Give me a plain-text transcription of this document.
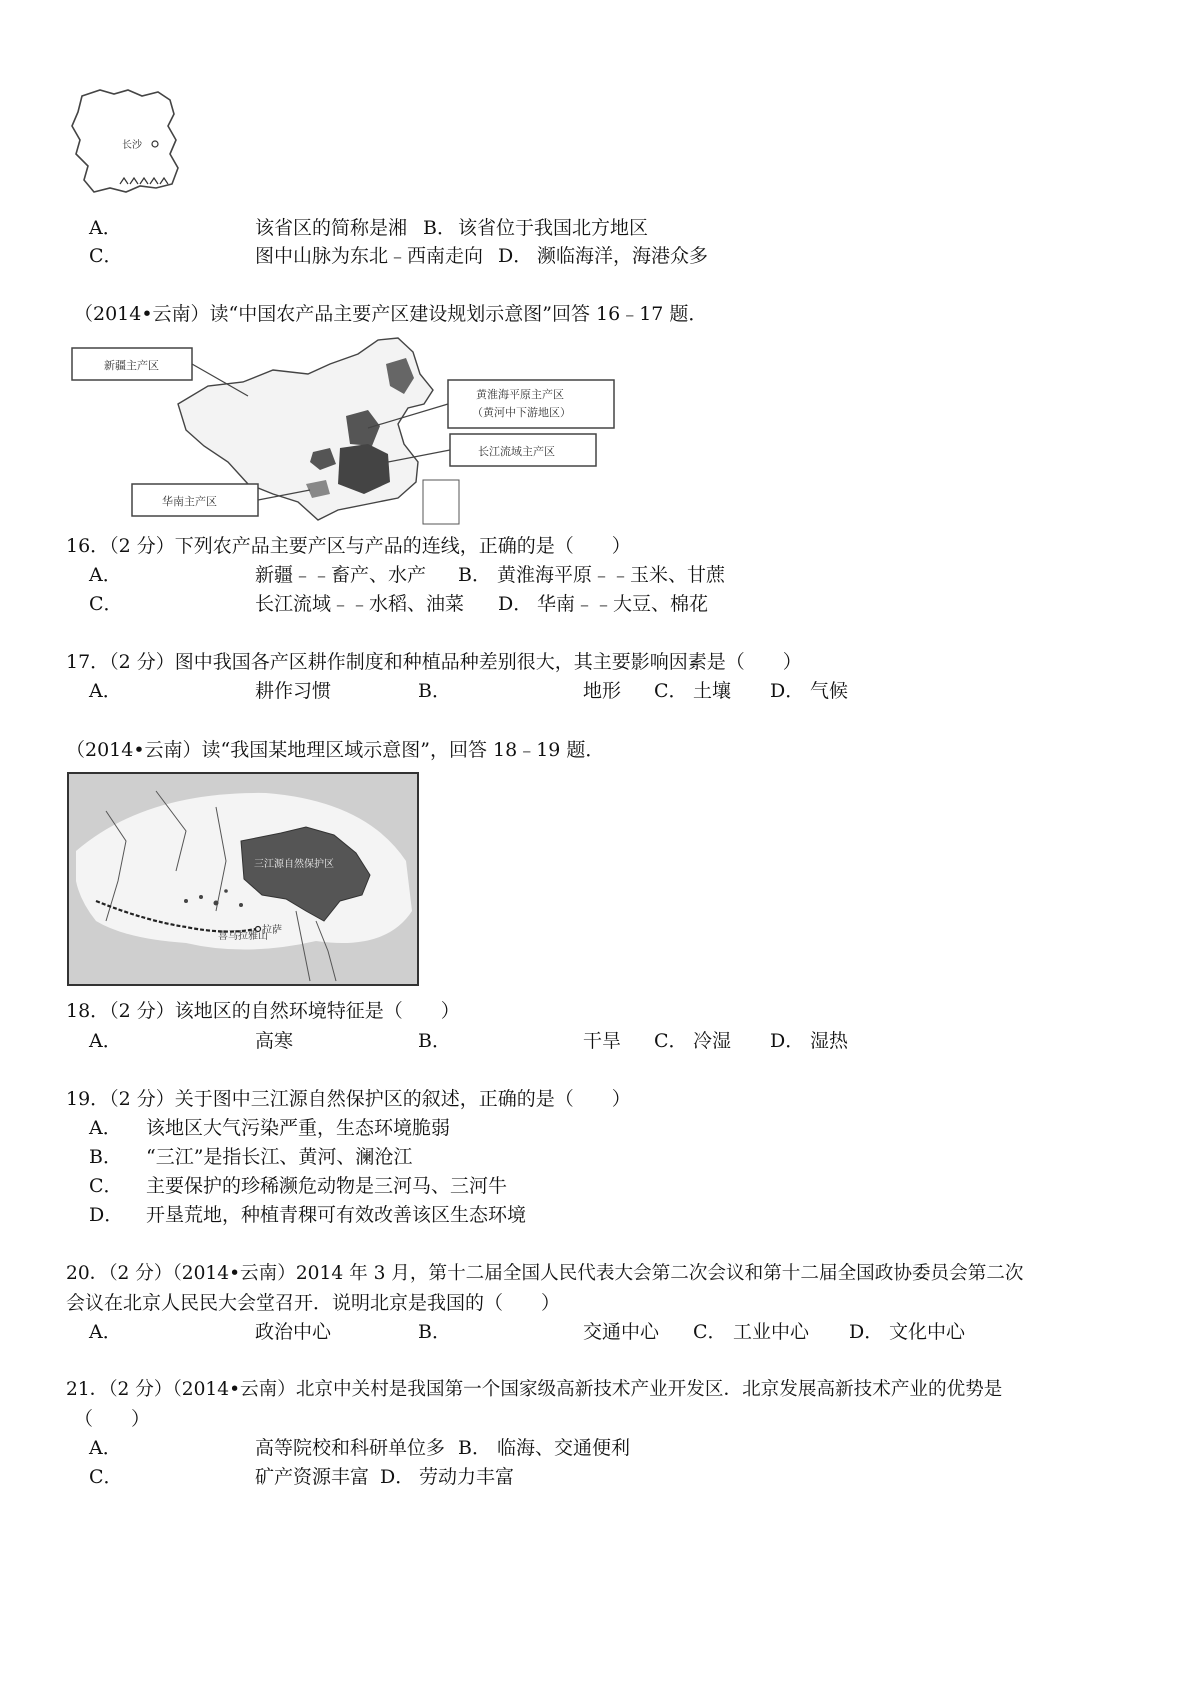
长沙
A．	该省区的简称是湘 B． 该省位于我国北方地区
C．	图中山脉为东北﹣西南走向 D． 濒临海洋，海港众多
（2014•云南）读“中国农产品主要产区建设规划示意图”回答 16﹣17 题．
新疆主产区
黄淮海平原主产区
（黄河中下游地区）
长江流域主产区
华南主产区
16．（2 分）下列农产品主要产区与产品的连线，正确的是（　　）
A．	新疆﹣﹣畜产、水产 B． 黄淮海平原﹣﹣玉米、甘蔗
C．	长江流域﹣﹣水稻、油菜 D． 华南﹣﹣大豆、棉花
17．（2 分）图中我国各产区耕作制度和种植品种差别很大，其主要影响因素是（　　）
A．	耕作习惯	B．	地形 C． 土壤 D． 气候
（2014•云南）读“我国某地理区域示意图”，回答 18﹣19 题．
三江源自然保护区
喜马拉雅山
拉萨
18．（2 分）该地区的自然环境特征是（　　）
A．	高寒	B．	干旱 C． 冷湿 D． 湿热
19．（2 分）关于图中三江源自然保护区的叙述，正确的是（　　）
A． 该地区大气污染严重，生态环境脆弱
B． “三江”是指长江、黄河、澜沧江
C． 主要保护的珍稀濒危动物是三河马、三河牛
D． 开垦荒地，种植青稞可有效改善该区生态环境
20．（2 分）（2014•云南）2014 年 3 月，第十二届全国人民代表大会第二次会议和第十二届全国政协委员会第二次
会议在北京人民民大会堂召开．说明北京是我国的（　　）
A．	政治中心	B．	交通中心 C． 工业中心 D． 文化中心
21．（2 分）（2014•云南）北京中关村是我国第一个国家级高新技术产业开发区．北京发展高新技术产业的优势是
（　　）
A．	高等院校和科研单位多 B． 临海、交通便利
C．	矿产资源丰富 D． 劳动力丰富
